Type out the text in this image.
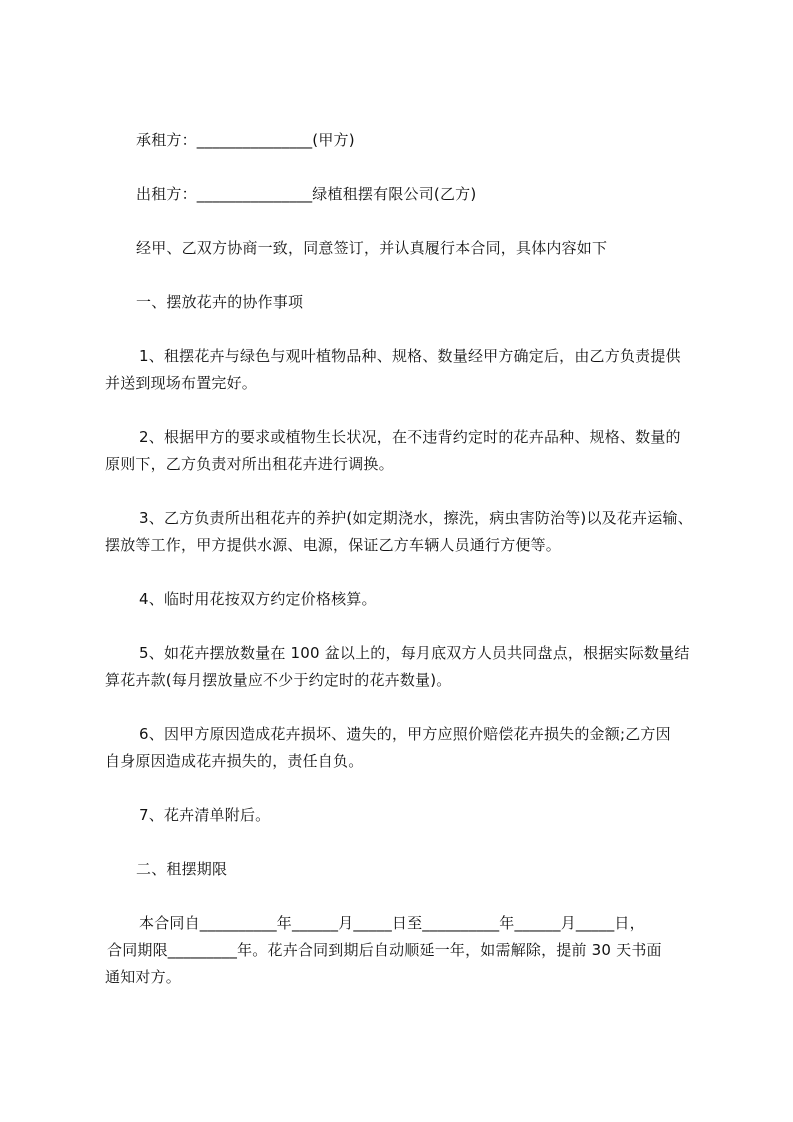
承租方：_______________(甲方)
出租方：_______________绿植租摆有限公司(乙方)
经甲、乙双方协商一致，同意签订，并认真履行本合同，具体内容如下
一、摆放花卉的协作事项
1、租摆花卉与绿色与观叶植物品种、规格、数量经甲方确定后，由乙方负责提供
并送到现场布置完好。
2、根据甲方的要求或植物生长状况，在不违背约定时的花卉品种、规格、数量的
原则下，乙方负责对所出租花卉进行调换。
3、乙方负责所出租花卉的养护(如定期浇水，擦洗，病虫害防治等)以及花卉运输、
摆放等工作，甲方提供水源、电源，保证乙方车辆人员通行方便等。
4、临时用花按双方约定价格核算。
5、如花卉摆放数量在 100 盆以上的，每月底双方人员共同盘点，根据实际数量结
算花卉款(每月摆放量应不少于约定时的花卉数量)。
6、因甲方原因造成花卉损坏、遗失的，甲方应照价赔偿花卉损失的金额;乙方因
自身原因造成花卉损失的，责任自负。
7、花卉清单附后。
二、租摆期限
本合同自__________年______月_____日至__________年______月_____日，
合同期限_________年。花卉合同到期后自动顺延一年，如需解除，提前 30 天书面
通知对方。
